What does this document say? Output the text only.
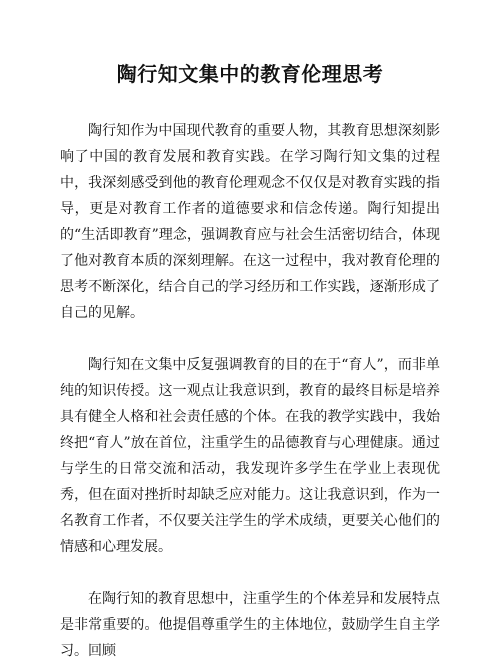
陶行知文集中的教育伦理思考

陶行知作为中国现代教育的重要人物，其教育思想深刻影响了中国的教育发展和教育实践。在学习陶行知文集的过程中，我深刻感受到他的教育伦理观念不仅仅是对教育实践的指导，更是对教育工作者的道德要求和信念传递。陶行知提出的“生活即教育”理念，强调教育应与社会生活密切结合，体现了他对教育本质的深刻理解。在这一过程中，我对教育伦理的思考不断深化，结合自己的学习经历和工作实践，逐渐形成了自己的见解。

陶行知在文集中反复强调教育的目的在于“育人”，而非单纯的知识传授。这一观点让我意识到，教育的最终目标是培养具有健全人格和社会责任感的个体。在我的教学实践中，我始终把“育人”放在首位，注重学生的品德教育与心理健康。通过与学生的日常交流和活动，我发现许多学生在学业上表现优秀，但在面对挫折时却缺乏应对能力。这让我意识到，作为一名教育工作者，不仅要关注学生的学术成绩，更要关心他们的情感和心理发展。

在陶行知的教育思想中，注重学生的个体差异和发展特点是非常重要的。他提倡尊重学生的主体地位，鼓励学生自主学习。回顾
